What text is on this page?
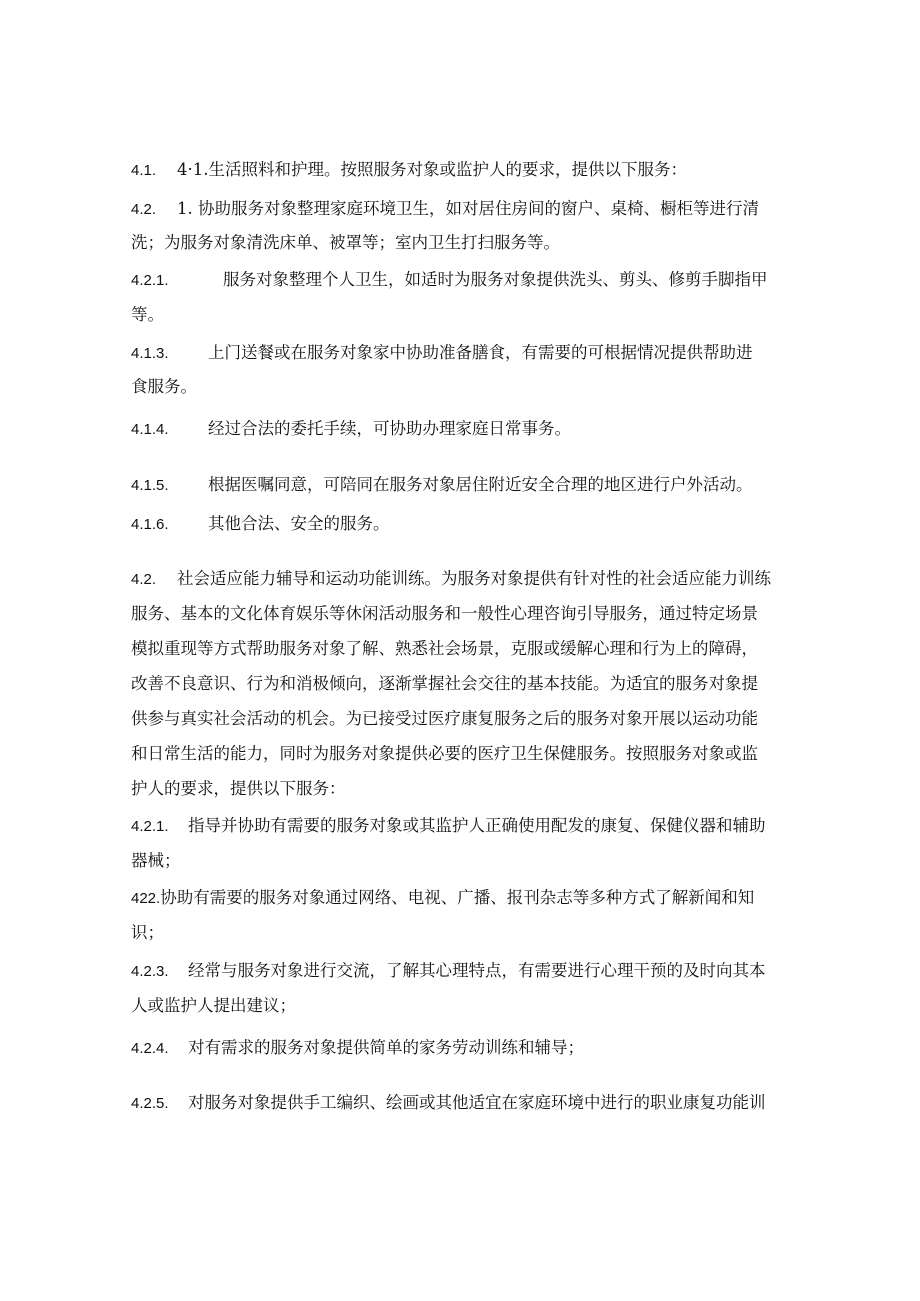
4.1. 4·1.生活照料和护理。按照服务对象或监护人的要求，提供以下服务：
4.2. 1. 协助服务对象整理家庭环境卫生，如对居住房间的窗户、桌椅、橱柜等进行清
洗；为服务对象清洗床单、被罩等；室内卫生打扫服务等。
4.2.1.	服务对象整理个人卫生，如适时为服务对象提供洗头、剪头、修剪手脚指甲
等。
4.1.3. 上门送餐或在服务对象家中协助准备膳食，有需要的可根据情况提供帮助进
食服务。
4.1.4. 经过合法的委托手续，可协助办理家庭日常事务。
4.1.5. 根据医嘱同意，可陪同在服务对象居住附近安全合理的地区进行户外活动。
4.1.6. 其他合法、安全的服务。
4.2. 社会适应能力辅导和运动功能训练。为服务对象提供有针对性的社会适应能力训练
服务、基本的文化体育娱乐等休闲活动服务和一般性心理咨询引导服务，通过特定场景
模拟重现等方式帮助服务对象了解、熟悉社会场景，克服或缓解心理和行为上的障碍，
改善不良意识、行为和消极倾向，逐渐掌握社会交往的基本技能。为适宜的服务对象提
供参与真实社会活动的机会。为已接受过医疗康复服务之后的服务对象开展以运动功能
和日常生活的能力，同时为服务对象提供必要的医疗卫生保健服务。按照服务对象或监
护人的要求，提供以下服务：
4.2.1. 指导并协助有需要的服务对象或其监护人正确使用配发的康复、保健仪器和辅助
器械；
422.协助有需要的服务对象通过网络、电视、广播、报刊杂志等多种方式了解新闻和知
识；
4.2.3. 经常与服务对象进行交流，了解其心理特点，有需要进行心理干预的及时向其本
人或监护人提出建议；
4.2.4. 对有需求的服务对象提供简单的家务劳动训练和辅导；
4.2.5. 对服务对象提供手工编织、绘画或其他适宜在家庭环境中进行的职业康复功能训
